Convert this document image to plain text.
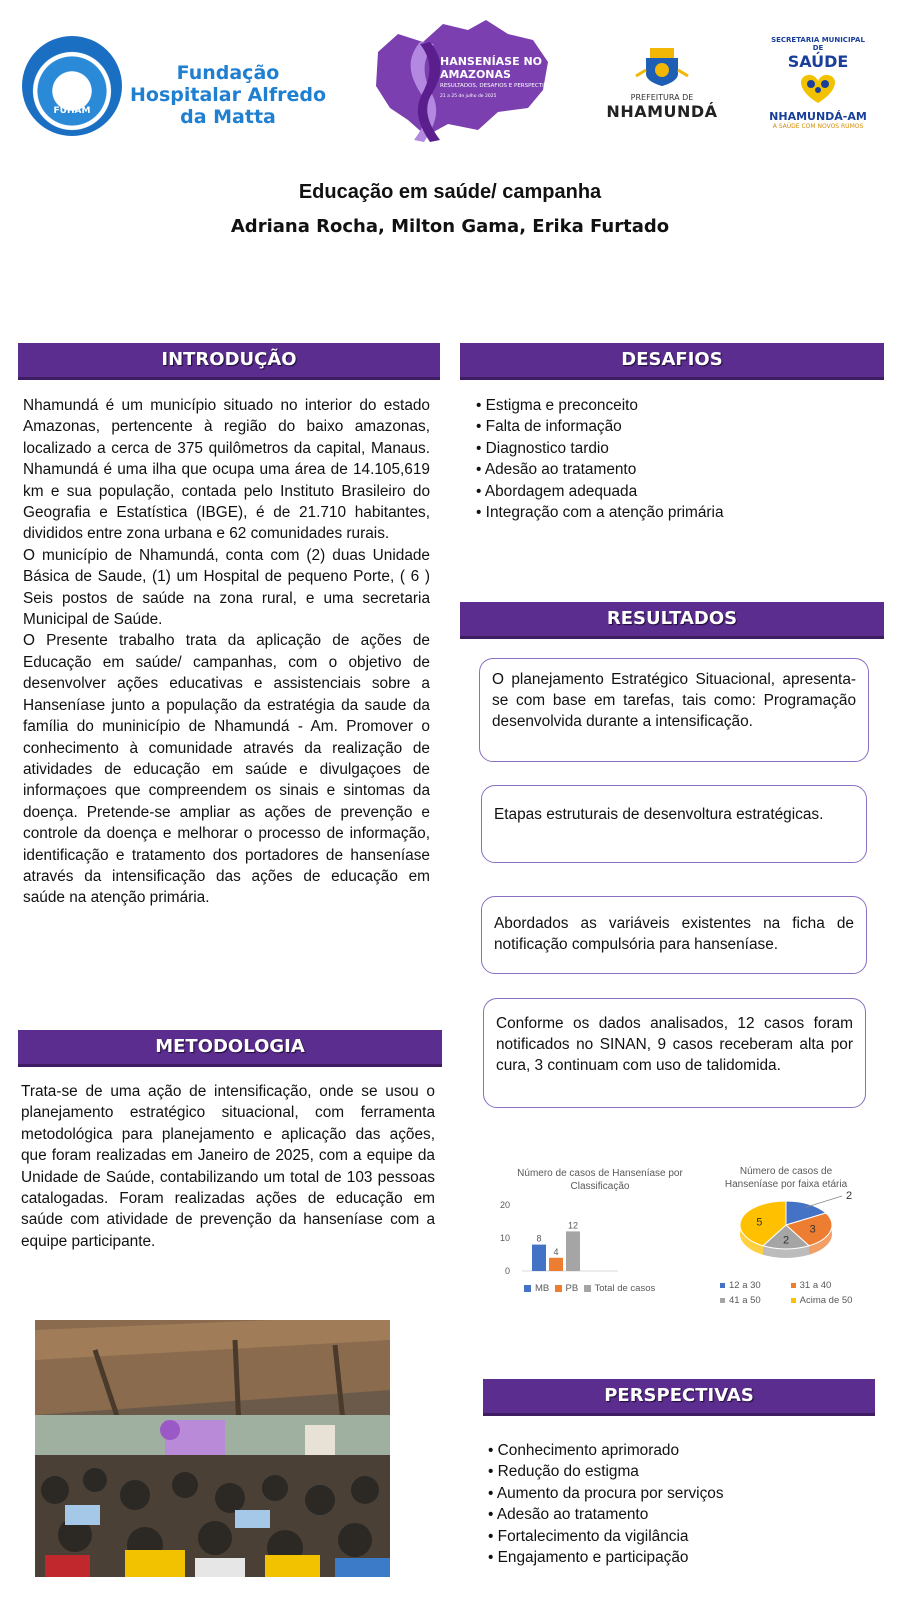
FUHAM
Fundação Hospitalar Alfredo da Matta
HANSENÍASE NO AMAZONAS
RESULTADOS, DESAFIOS E PERSPECTIVAS
21 a 25 de julho de 2025	PREFEITURA DE
NHAMUNDÁ
SECRETARIA MUNICIPAL DE
SAÚDE
NHAMUNDÁ-AM
A SAÚDE COM NOVOS RUMOS
Educação em saúde/ campanha
Adriana Rocha, Milton Gama, Erika Furtado
INTRODUÇÃO

Nhamundá é um município situado no interior do estado Amazonas, pertencente à região do baixo amazonas, localizado a cerca de 375 quilômetros da capital, Manaus. Nhamundá é uma ilha que ocupa uma área de 14.105,619 km e sua população, contada pelo Instituto Brasileiro do Geografia e Estatística (IBGE), é de 21.710 habitantes, divididos entre zona urbana e 62 comunidades rurais.

O município de Nhamundá, conta com (2) duas Unidade Básica de Saude, (1) um Hospital de pequeno Porte, ( 6 ) Seis postos de saúde na zona rural, e uma secretaria Municipal de Saúde.

O Presente trabalho trata da aplicação de ações de Educação em saúde/ campanhas, com o objetivo de desenvolver ações educativas e assistenciais sobre a Hanseníase junto a população da estratégia da saude da família do muninicípio de Nhamundá - Am. Promover o conhecimento à comunidade através da realização de atividades de educação em saúde e divulgaçoes de informaçoes que compreendem os sinais e sintomas da doença. Pretende-se ampliar as ações de prevenção e controle da doença e melhorar o processo de informação, identificação e tratamento dos portadores de hanseníase através da intensificação das ações de educação em saúde na atenção primária.

METODOLOGIA

Trata-se de uma ação de intensificação, onde se usou o planejamento estratégico situacional, com ferramenta metodológica para planejamento e aplicação das ações, que foram realizadas em Janeiro de 2025, com a equipe da Unidade de Saúde, contabilizando um total de 103 pessoas catalogadas. Foram realizadas ações de educação em saúde com atividade de prevenção da hanseníase com a equipe participante.

DESAFIOS
• Estigma e preconceito
• Falta de informação
• Diagnostico tardio
• Adesão ao tratamento
• Abordagem adequada
• Integração com a atenção primária
RESULTADOS
O planejamento Estratégico Situacional, apresenta-se com base em tarefas, tais como: Programação desenvolvida durante a intensificação.
Etapas estruturais de desenvoltura estratégicas.
Abordados as variáveis existentes na ficha de notificação compulsória para hanseníase.
Conforme os dados analisados, 12 casos foram notificados no SINAN, 9 casos receberam alta por cura, 3 continuam com uso de talidomida.
Número de casos de Hanseníase por Classificação
0
10
20
8
4
12
MB PB Total de casos
Número de casos de Hanseníase por faixa etária
2
3
2
5
12 a 30	31 a 40
41 a 50	Acima de 50
PERSPECTIVAS
• Conhecimento aprimorado
• Redução do estigma
• Aumento da procura por serviços
• Adesão ao tratamento
• Fortalecimento da vigilância
• Engajamento e participação
